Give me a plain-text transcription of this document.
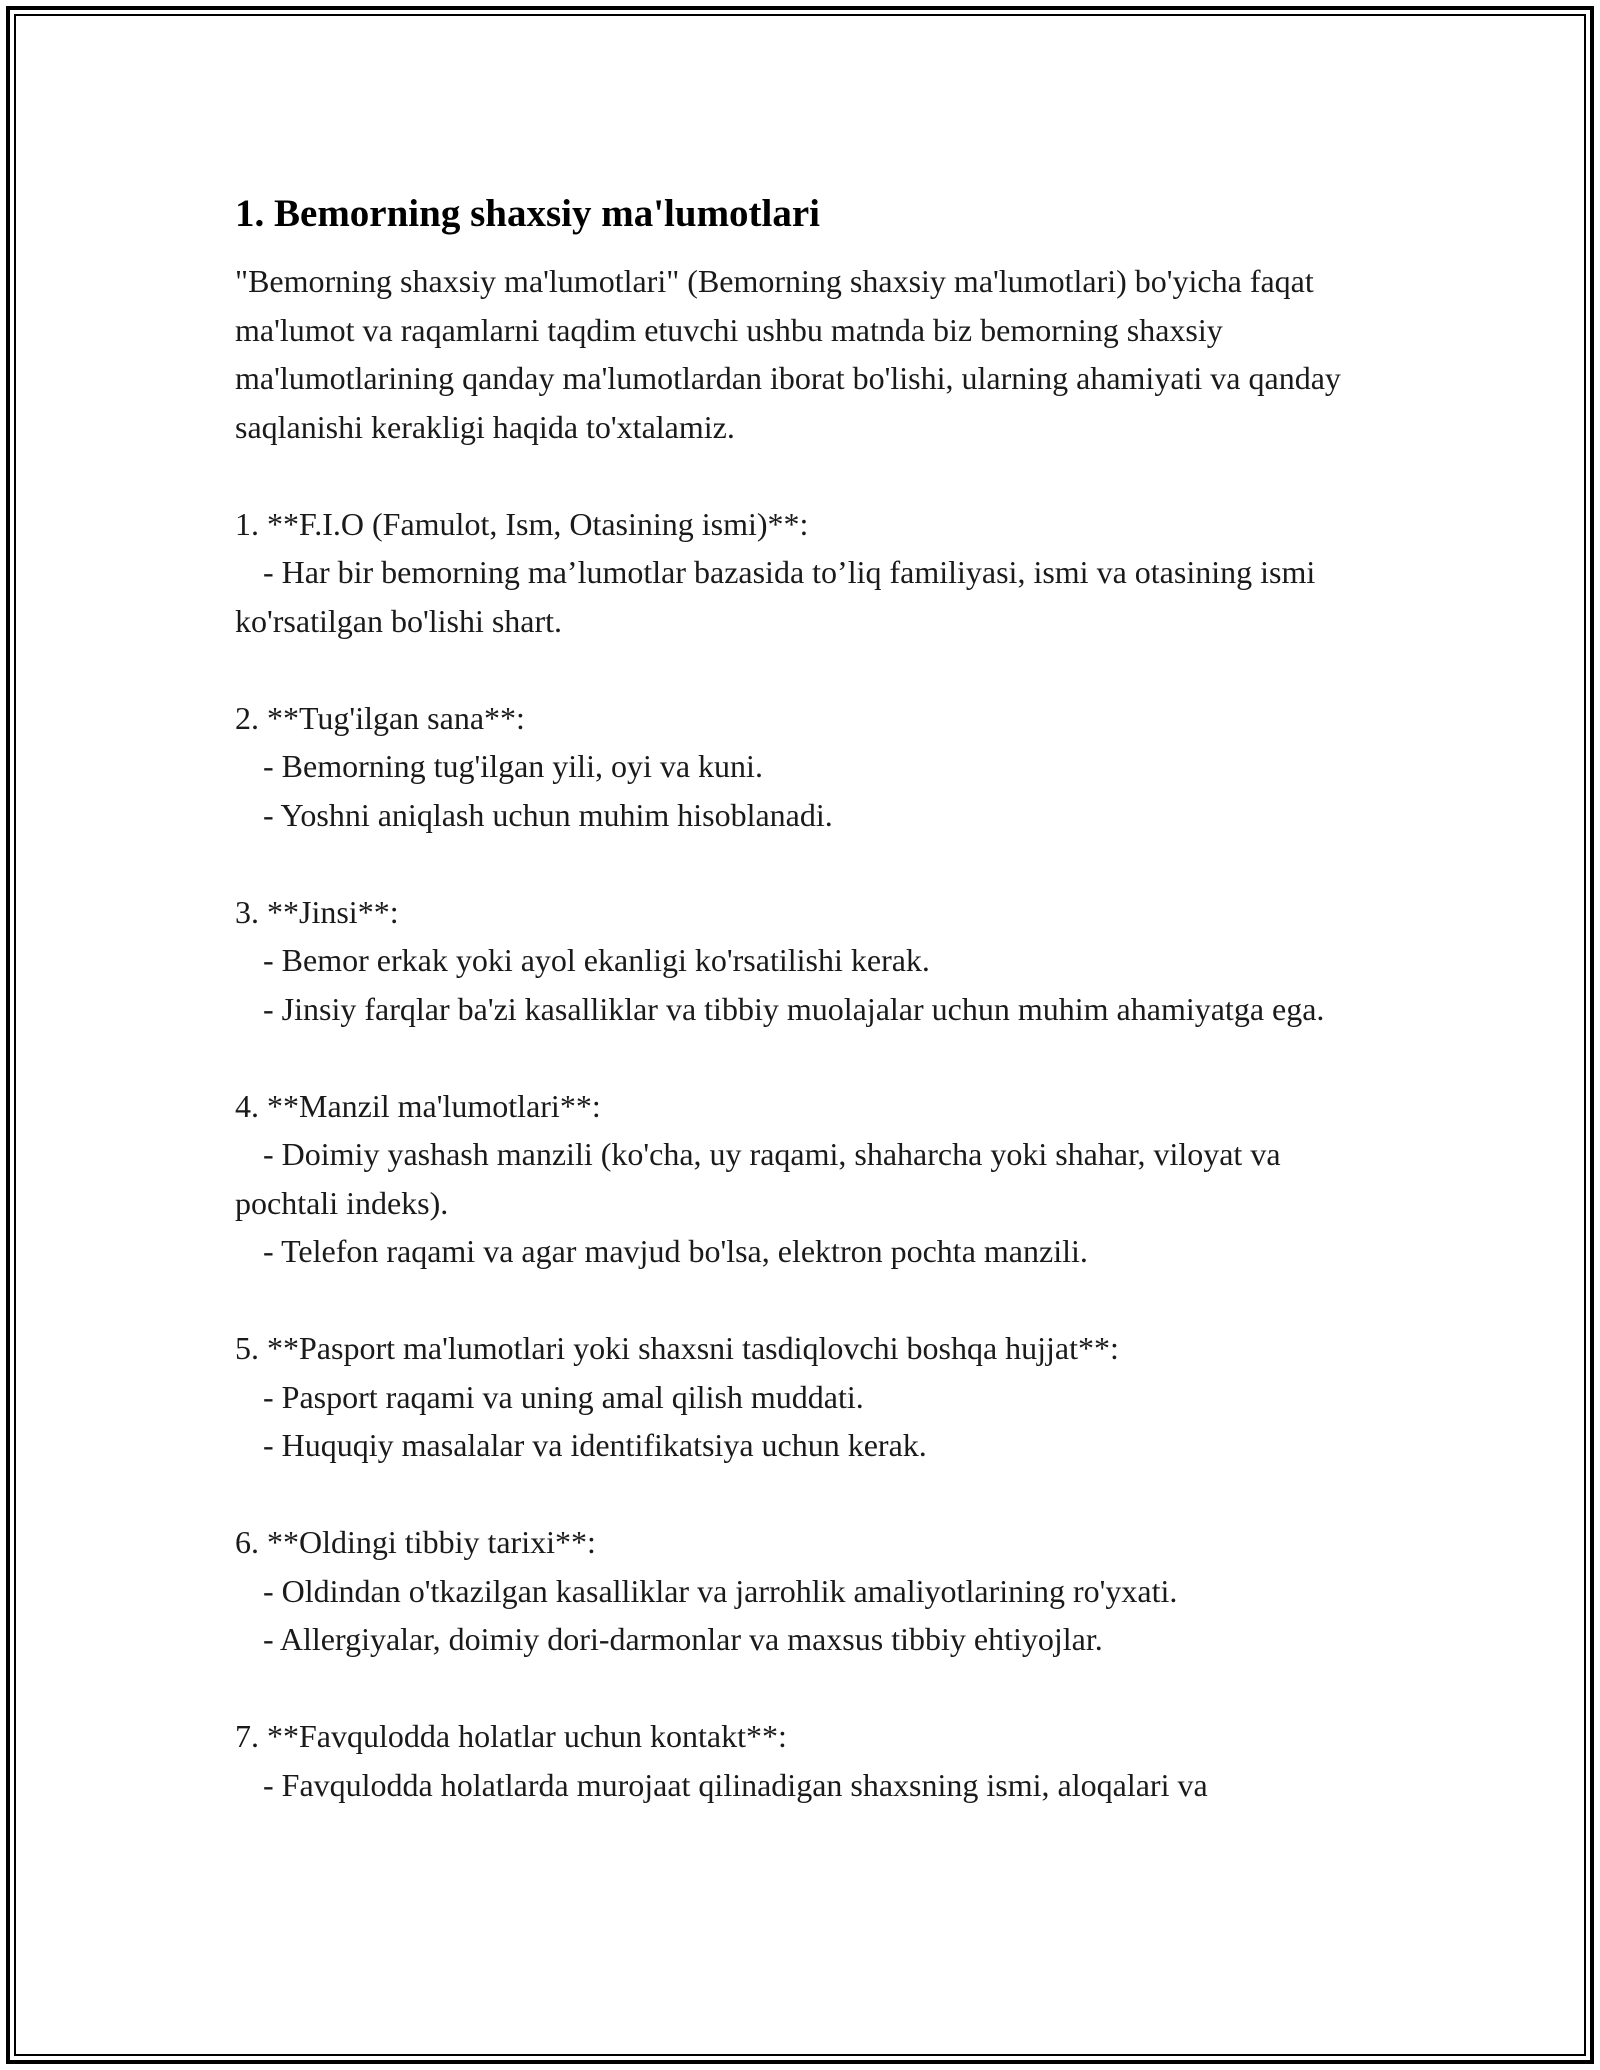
1. Bemorning shaxsiy ma'lumotlari

"Bemorning shaxsiy ma'lumotlari" (Bemorning shaxsiy ma'lumotlari) bo'yicha faqat ma'lumot va raqamlarni taqdim etuvchi ushbu matnda biz bemorning shaxsiy ma'lumotlarining qanday ma'lumotlardan iborat bo'lishi, ularning ahamiyati va qanday saqlanishi kerakligi haqida to'xtalamiz.

1. **F.I.O (Famulot, Ism, Otasining ismi)**:
- Har bir bemorning ma’lumotlar bazasida to’liq familiyasi, ismi va otasining ismi ko'rsatilgan bo'lishi shart.
2. **Tug'ilgan sana**:
- Bemorning tug'ilgan yili, oyi va kuni.
- Yoshni aniqlash uchun muhim hisoblanadi.
3. **Jinsi**:
- Bemor erkak yoki ayol ekanligi ko'rsatilishi kerak.
- Jinsiy farqlar ba'zi kasalliklar va tibbiy muolajalar uchun muhim ahamiyatga ega.
4. **Manzil ma'lumotlari**:
- Doimiy yashash manzili (ko'cha, uy raqami, shaharcha yoki shahar, viloyat va pochtali indeks).
- Telefon raqami va agar mavjud bo'lsa, elektron pochta manzili.
5. **Pasport ma'lumotlari yoki shaxsni tasdiqlovchi boshqa hujjat**:
- Pasport raqami va uning amal qilish muddati.
- Huquqiy masalalar va identifikatsiya uchun kerak.
6. **Oldingi tibbiy tarixi**:
- Oldindan o'tkazilgan kasalliklar va jarrohlik amaliyotlarining ro'yxati.
- Allergiyalar, doimiy dori-darmonlar va maxsus tibbiy ehtiyojlar.
7. **Favqulodda holatlar uchun kontakt**:
- Favqulodda holatlarda murojaat qilinadigan shaxsning ismi, aloqalari va
